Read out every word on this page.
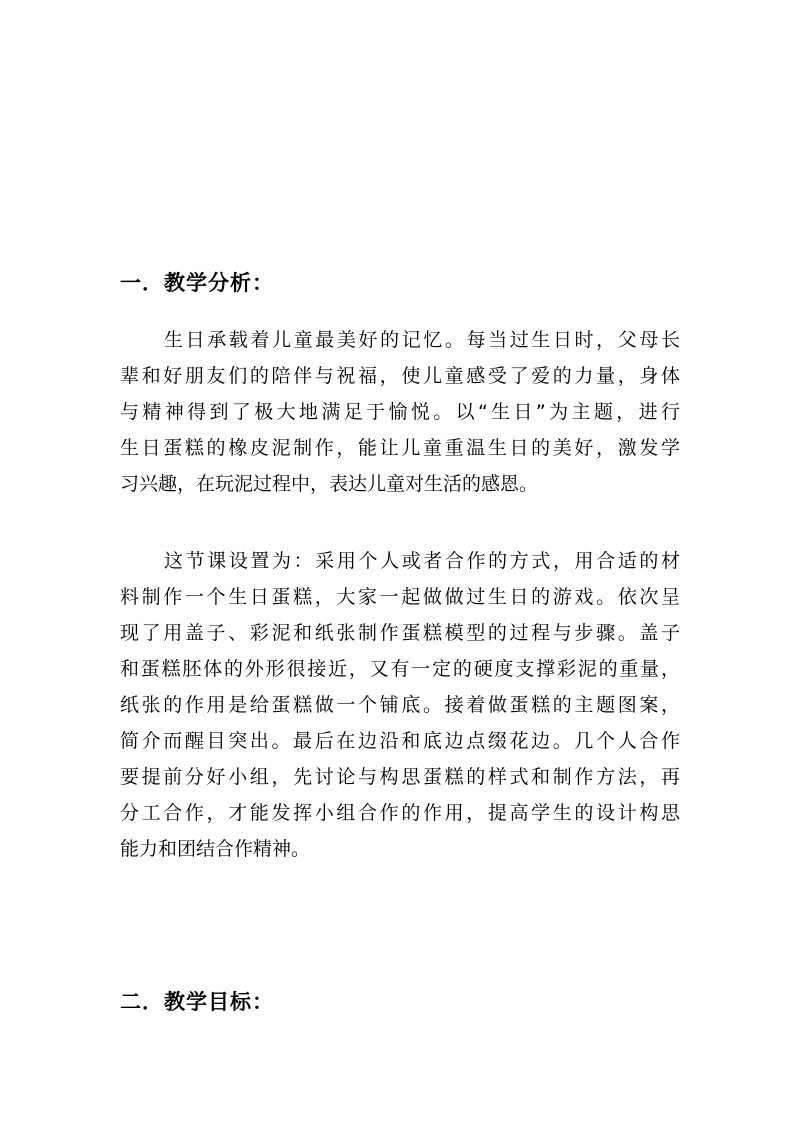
一．教学分析：
生日承载着儿童最美好的记忆。每当过生日时，父母长
辈和好朋友们的陪伴与祝福，使儿童感受了爱的力量，身体
与精神得到了极大地满足于愉悦。以“生日”为主题，进行
生日蛋糕的橡皮泥制作，能让儿童重温生日的美好，激发学
习兴趣，在玩泥过程中，表达儿童对生活的感恩。
这节课设置为：采用个人或者合作的方式，用合适的材
料制作一个生日蛋糕，大家一起做做过生日的游戏。依次呈
现了用盖子、彩泥和纸张制作蛋糕模型的过程与步骤。盖子
和蛋糕胚体的外形很接近，又有一定的硬度支撑彩泥的重量，
纸张的作用是给蛋糕做一个铺底。接着做蛋糕的主题图案，
简介而醒目突出。最后在边沿和底边点缀花边。几个人合作
要提前分好小组，先讨论与构思蛋糕的样式和制作方法，再
分工合作，才能发挥小组合作的作用，提高学生的设计构思
能力和团结合作精神。
二．教学目标：
